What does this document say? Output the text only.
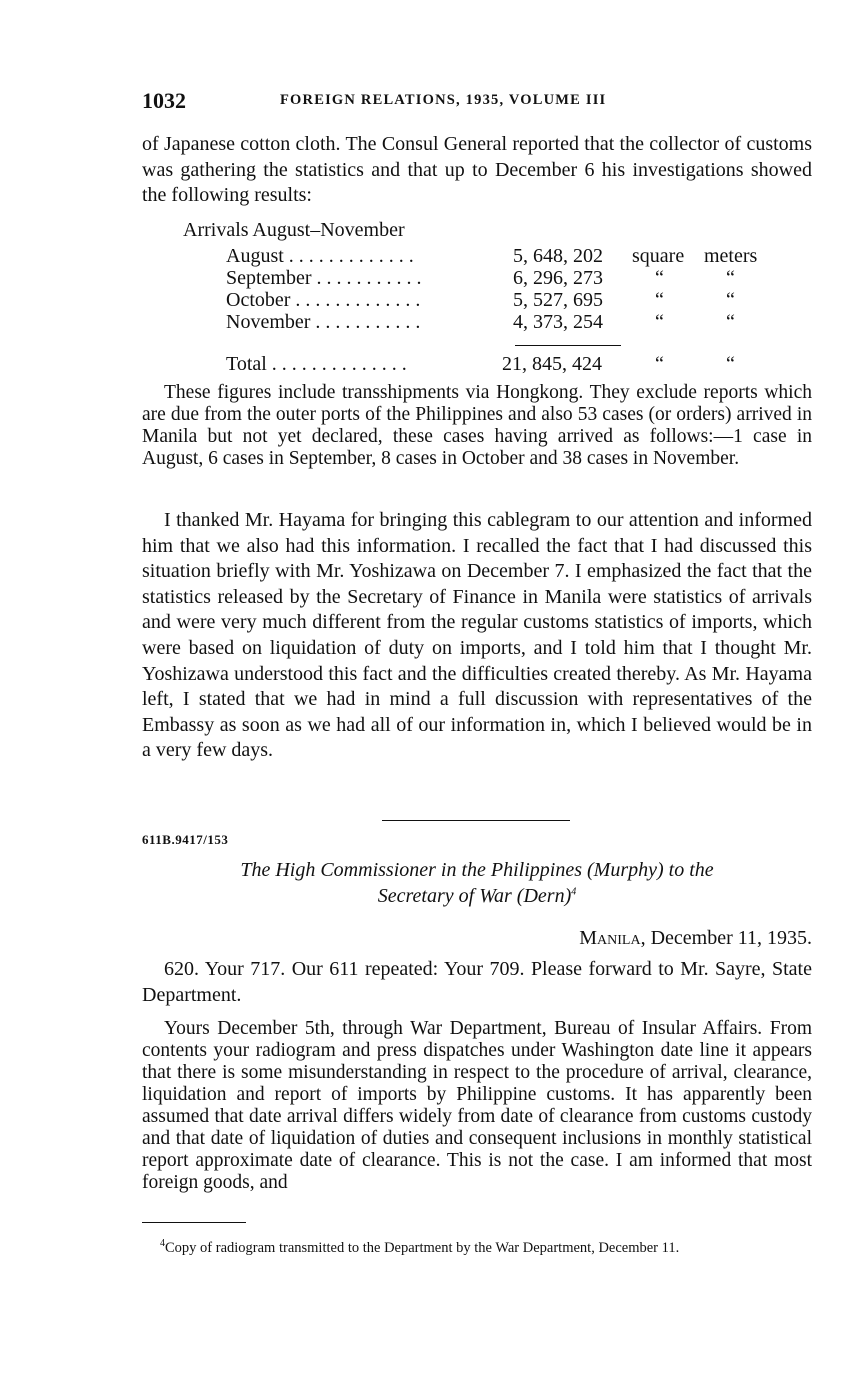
1032	FOREIGN RELATIONS, 1935, VOLUME III

of Japanese cotton cloth. The Consul General reported that the collector of customs was gathering the statistics and that up to December 6 his investigations showed the following results:

Arrivals August–November
August . . . . . . . . . . . . .	5, 648, 202 square meters
September . . . . . . . . . . .	6, 296, 273	“	“
October . . . . . . . . . . . . .	5, 527, 695	“	“
November . . . . . . . . . . .	4, 373, 254	“	“
Total . . . . . . . . . . . . . .	21, 845, 424	“	“

These figures include transshipments via Hongkong. They exclude reports which are due from the outer ports of the Philippines and also 53 cases (or orders) arrived in Manila but not yet declared, these cases having arrived as follows:—1 case in August, 6 cases in September, 8 cases in October and 38 cases in November.

I thanked Mr. Hayama for bringing this cablegram to our attention and informed him that we also had this information. I recalled the fact that I had discussed this situation briefly with Mr. Yoshizawa on December 7. I emphasized the fact that the statistics released by the Secretary of Finance in Manila were statistics of arrivals and were very much different from the regular customs statistics of imports, which were based on liquidation of duty on imports, and I told him that I thought Mr. Yoshizawa understood this fact and the difficulties created thereby. As Mr. Hayama left, I stated that we had in mind a full discussion with representatives of the Embassy as soon as we had all of our information in, which I believed would be in a very few days.

611B.9417/153
The High Commissioner in the Philippines (Murphy) to the
Secretary of War (Dern)$^4$
Manila, December 11, 1935.

620. Your 717. Our 611 repeated: Your 709. Please forward to Mr. Sayre, State Department.

Yours December 5th, through War Department, Bureau of Insular Affairs. From contents your radiogram and press dispatches under Washington date line it appears that there is some misunderstanding in respect to the procedure of arrival, clearance, liquidation and report of imports by Philippine customs. It has apparently been assumed that date arrival differs widely from date of clearance from customs custody and that date of liquidation of duties and consequent inclusions in monthly statistical report approximate date of clearance. This is not the case. I am informed that most foreign goods, and

$^4$Copy of radiogram transmitted to the Department by the War Department, December 11.
